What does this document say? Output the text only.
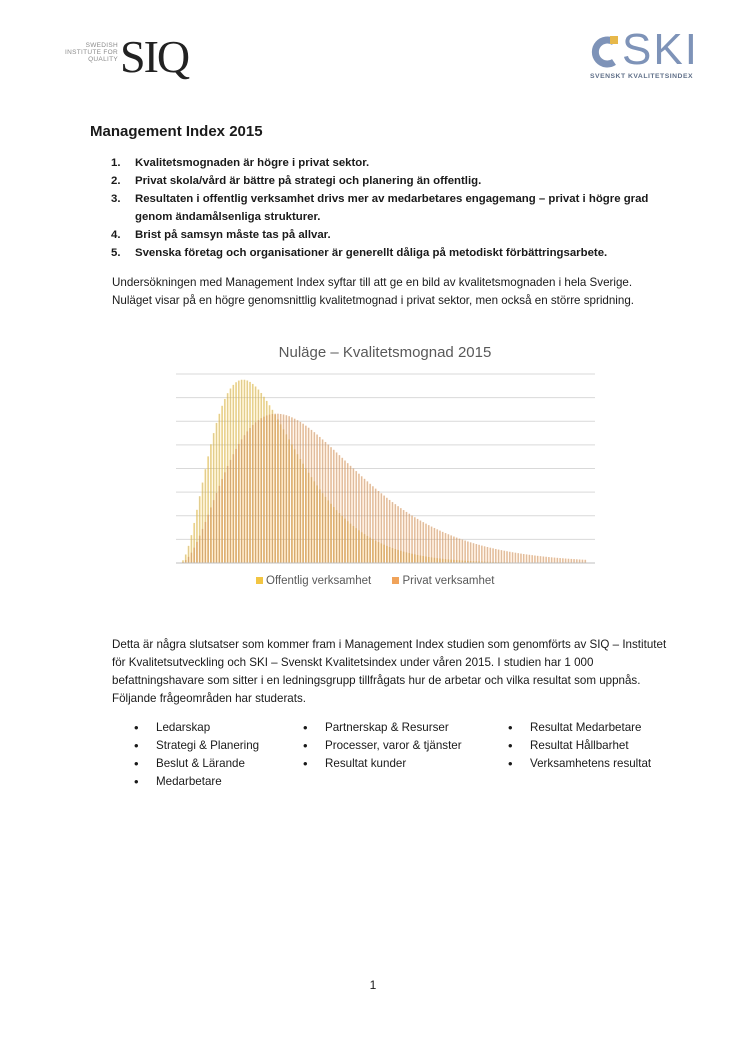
SWEDISH
INSTITUTE FOR
QUALITY SIQ	SKI
SVENSKT KVALITETSINDEX
Management Index 2015
1. Kvalitetsmognaden är högre i privat sektor.
2. Privat skola/vård är bättre på strategi och planering än offentlig.
3. Resultaten i offentlig verksamhet drivs mer av medarbetares engagemang – privat i högre grad genom ändamålsenliga strukturer.
4. Brist på samsyn måste tas på allvar.
5. Svenska företag och organisationer är generellt dåliga på metodiskt förbättringsarbete.

Undersökningen med Management Index syftar till att ge en bild av kvalitetsmognaden i hela Sverige. Nuläget visar på en högre genomsnittlig kvalitetmognad i privat sektor, men också en större spridning.

Nuläge – Kvalitetsmognad 2015
Offentlig verksamhet	Privat verksamhet

Detta är några slutsatser som kommer fram i Management Index studien som genomförts av SIQ – Institutet för Kvalitetsutveckling och SKI – Svenskt Kvalitetsindex under våren 2015. I studien har 1 000 befattningshavare som sitter i en ledningsgrupp tillfrågats hur de arbetar och vilka resultat som uppnås. Följande frågeområden har studerats.

• Ledarskap
• Strategi & Planering
• Beslut & Lärande
• Medarbetare
• Partnerskap & Resurser
• Processer, varor & tjänster
• Resultat kunder
• Resultat Medarbetare
• Resultat Hållbarhet
• Verksamhetens resultat
1
